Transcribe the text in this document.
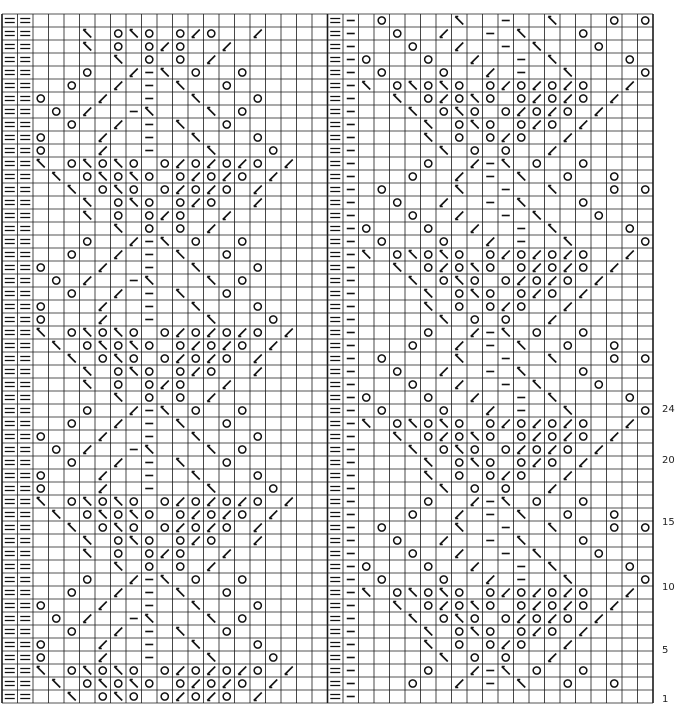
24
20
15
10
5
1
